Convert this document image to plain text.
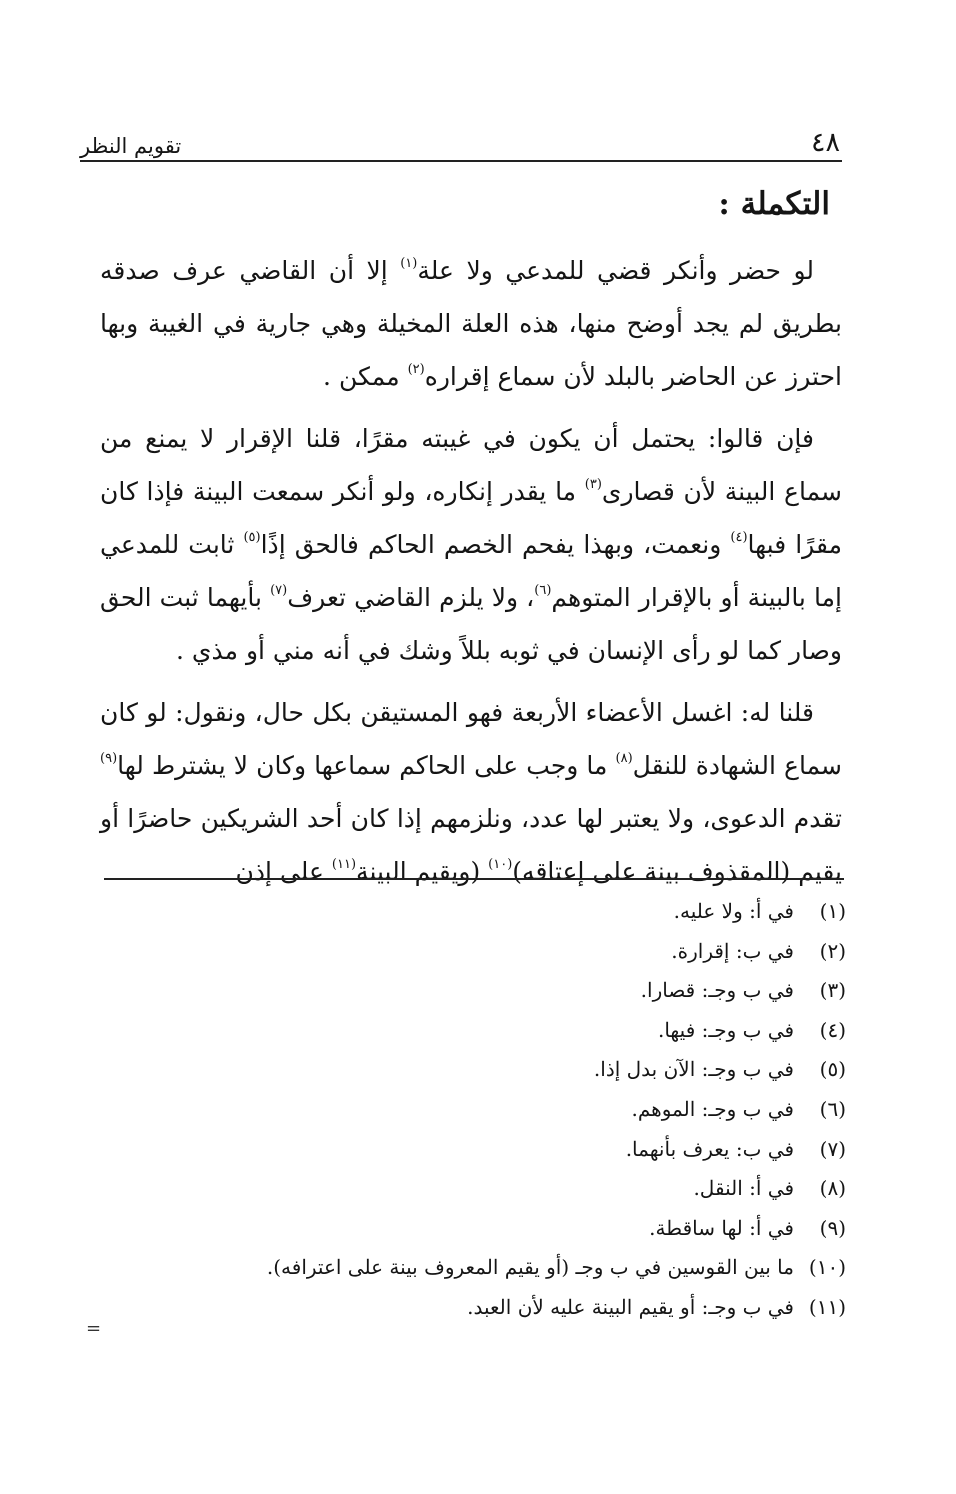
٤٨
تقويم النظر
التكملة :

لو حضر وأنكر قضي للمدعي ولا علة$^{(١)}$ إلا أن القاضي عرف صدقه بطريق لم يجد أوضح منها، هذه العلة المخيلة وهي جارية في الغيبة وبها احترز عن الحاضر بالبلد لأن سماع إقراره$^{(٢)}$ ممكن .

فإن قالوا: يحتمل أن يكون في غيبته مقرًا، قلنا الإقرار لا يمنع من سماع البينة لأن قصارى$^{(٣)}$ ما يقدر إنكاره، ولو أنكر سمعت البينة فإذا كان مقرًا فبها$^{(٤)}$ ونعمت، وبهذا يفحم الخصم الحاكم فالحق إذًا$^{(٥)}$ ثابت للمدعي إما بالبينة أو بالإقرار المتوهم$^{(٦)}$، ولا يلزم القاضي تعرف$^{(٧)}$ بأيهما ثبت الحق وصار كما لو رأى الإنسان في ثوبه بللاً وشك في أنه مني أو مذي .

قلنا له: اغسل الأعضاء الأربعة فهو المستيقن بكل حال، ونقول: لو كان سماع الشهادة للنقل$^{(٨)}$ ما وجب على الحاكم سماعها وكان لا يشترط لها$^{(٩)}$ تقدم الدعوى، ولا يعتبر لها عدد، ونلزمهم إذا كان أحد الشريكين حاضرًا أو يقيم (المقذوف بينة على إعتاقه)$^{(١٠)}$ (ويقيم البينة$^{(١١)}$ على إذن

(١)في أ: ولا عليه.
(٢)في ب: إقرارة.
(٣)في ب وجـ: قصارا.
(٤)في ب وجـ: فيها.
(٥)في ب وجـ: الآن بدل إذا.
(٦)في ب وجـ: الموهم.
(٧)في ب: يعرف بأنهما.
(٨)في أ: النقل.
(٩)في أ: لها ساقطة.
(١٠)ما بين القوسين في ب وجـ (أو يقيم المعروف بينة على اعترافه).
(١١)في ب وجـ: أو يقيم البينة عليه لأن العبد.
=
